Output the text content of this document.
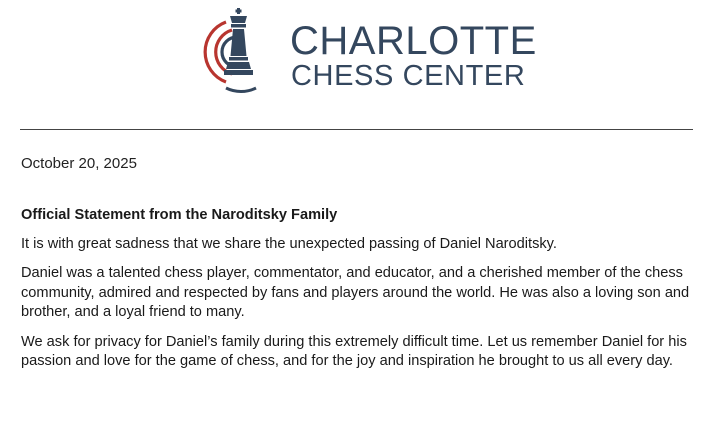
CHARLOTTE
CHESS CENTER
October 20, 2025
Official Statement from the Naroditsky Family

It is with great sadness that we share the unexpected passing of Daniel Naroditsky.

Daniel was a talented chess player, commentator, and educator, and a cherished member of the chess community, admired and respected by fans and players around the world. He was also a loving son and brother, and a loyal friend to many.

We ask for privacy for Daniel’s family during this extremely difficult time. Let us remember Daniel for his passion and love for the game of chess, and for the joy and inspiration he brought to us all every day.
